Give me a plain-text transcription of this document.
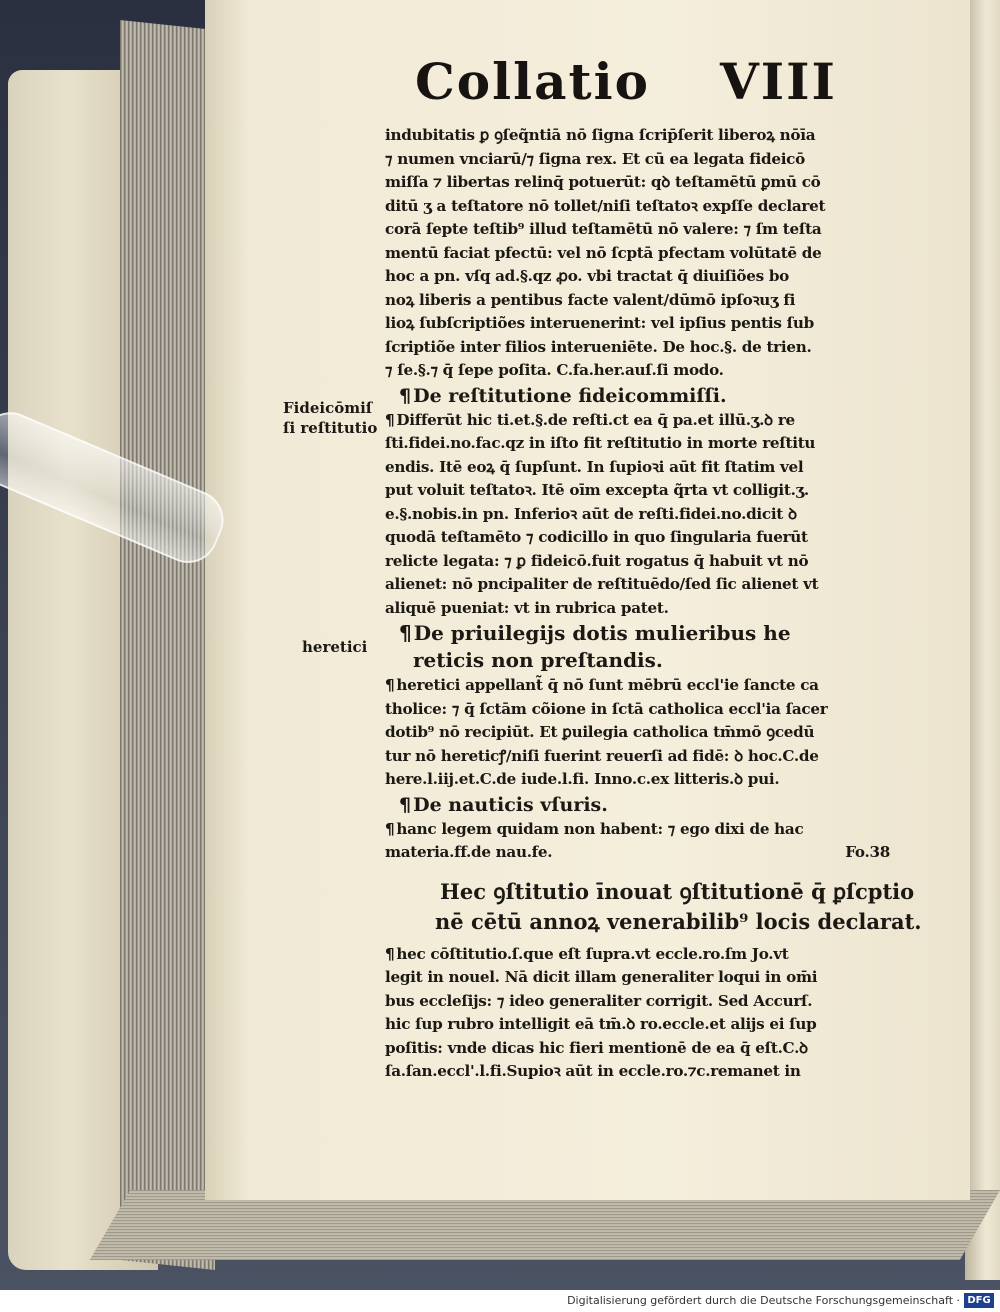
Collatio VIII
Fideicōmiſ
ſi reſtitutio
heretici
indubitatis ꝑ ꝯſeq̃ntiā nō ſigna ſcrip̄ſerit liberoꝝ nōīa
⁊ numen vnciarū/⁊ ſigna rex. Et cū ea legata fideicō
miſſa ⁊ libertas relinq̄ potuerūt: qꝺ teſtamētū ꝑmū cō
ditū ʒ a teſtatore nō tollet/niſi teſtatoꝛ expſſe declaret
corā ſepte teſtib⁹ illud teſtamētū nō valere: ⁊ ſm teſta
mentū faciat pfectū: vel nō ſcptā pfectam volūtatē de
hoc a pn. vſq ad.§.qz ꝓo. vbi tractat q̄ diuiſiões bo
noꝝ liberis a pentibus facte valent/dūmō ipſoꝛuʒ fi
lioꝝ ſubſcriptiões interuenerint: vel ipſius pentis ſub
ſcriptiõe inter filios interueniēte. De hoc.§. de trien.
⁊ ſe.§.⁊ q̄ ſepe poſita. C.fa.her.auſ.ſi modo.
¶ De reſtitutione fideicommiſſi.
¶ Differūt hic ti.et.§.de reſti.ct ea q̄ pa.et illū.ʒ.ꝺ re
ſti.fidei.no.fac.qz in iſto fit reſtitutio in morte reſtitu
endis. Itē eoꝝ q̄ ſupſunt. In ſupioꝛi aūt fit ſtatim vel
put voluit teſtatoꝛ. Itē oīm excepta q̃rta vt colligit.ʒ.
e.§.nobis.in pn. Inferioꝛ aūt de reſti.fidei.no.dicit ꝺ
quodā teſtamēto ⁊ codicillo in quo ſingularia fuerūt
relicte legata: ⁊ ꝑ fideicō.fuit rogatus q̄ habuit vt nō
alienet: nō pncipaliter de reſtituēdo/ſed ſic alienet vt
aliquē pueniat: vt in rubrica patet.
¶ De priuilegijs dotis mulieribus he
reticis non preſtandis.
¶ heretici appellant̃ q̄ nō ſunt mēbrū eccl'ie ſancte ca
tholice: ⁊ q̄ ſctām cõione in ſctā catholica eccl'ia ſacer
dotib⁹ nō recipiūt. Et ꝑuilegia catholica tm̄mō ꝯcedū
tur nō hereticꝭ/niſi fuerint reuerſi ad fidē: ꝺ hoc.C.de
here.l.iij.et.C.de iude.l.fi. Inno.c.ex litteris.ꝺ pui.
¶ De nauticis vſuris.
¶ hanc legem quidam non habent: ⁊ ego dixi de hac
materia.ff.de nau.fe.	Fo.38
Hec ꝯſtitutio īnouat ꝯſtitutionē q̄ ꝑſcptio
nē cētū annoꝝ venerabilib⁹ locis declarat.
¶ hec cōſtitutio.ſ.que eſt ſupra.vt eccle.ro.ſm Jo.vt
legit in nouel. Nā dicit illam generaliter loqui in om̄i
bus eccleſijs: ⁊ ideo generaliter corrigit. Sed Accurſ.
hic ſup rubro intelligit eā tm̄.ꝺ ro.eccle.et alijs ei ſup
poſitis: vnde dicas hic fieri mentionē de ea q̄ eſt.C.ꝺ
ſa.ſan.eccl'.l.fi.Supioꝛ aūt in eccle.ro.⁊c.remanet in
Digitalisierung gefördert durch die Deutsche Forschungsgemeinschaft · DFG
